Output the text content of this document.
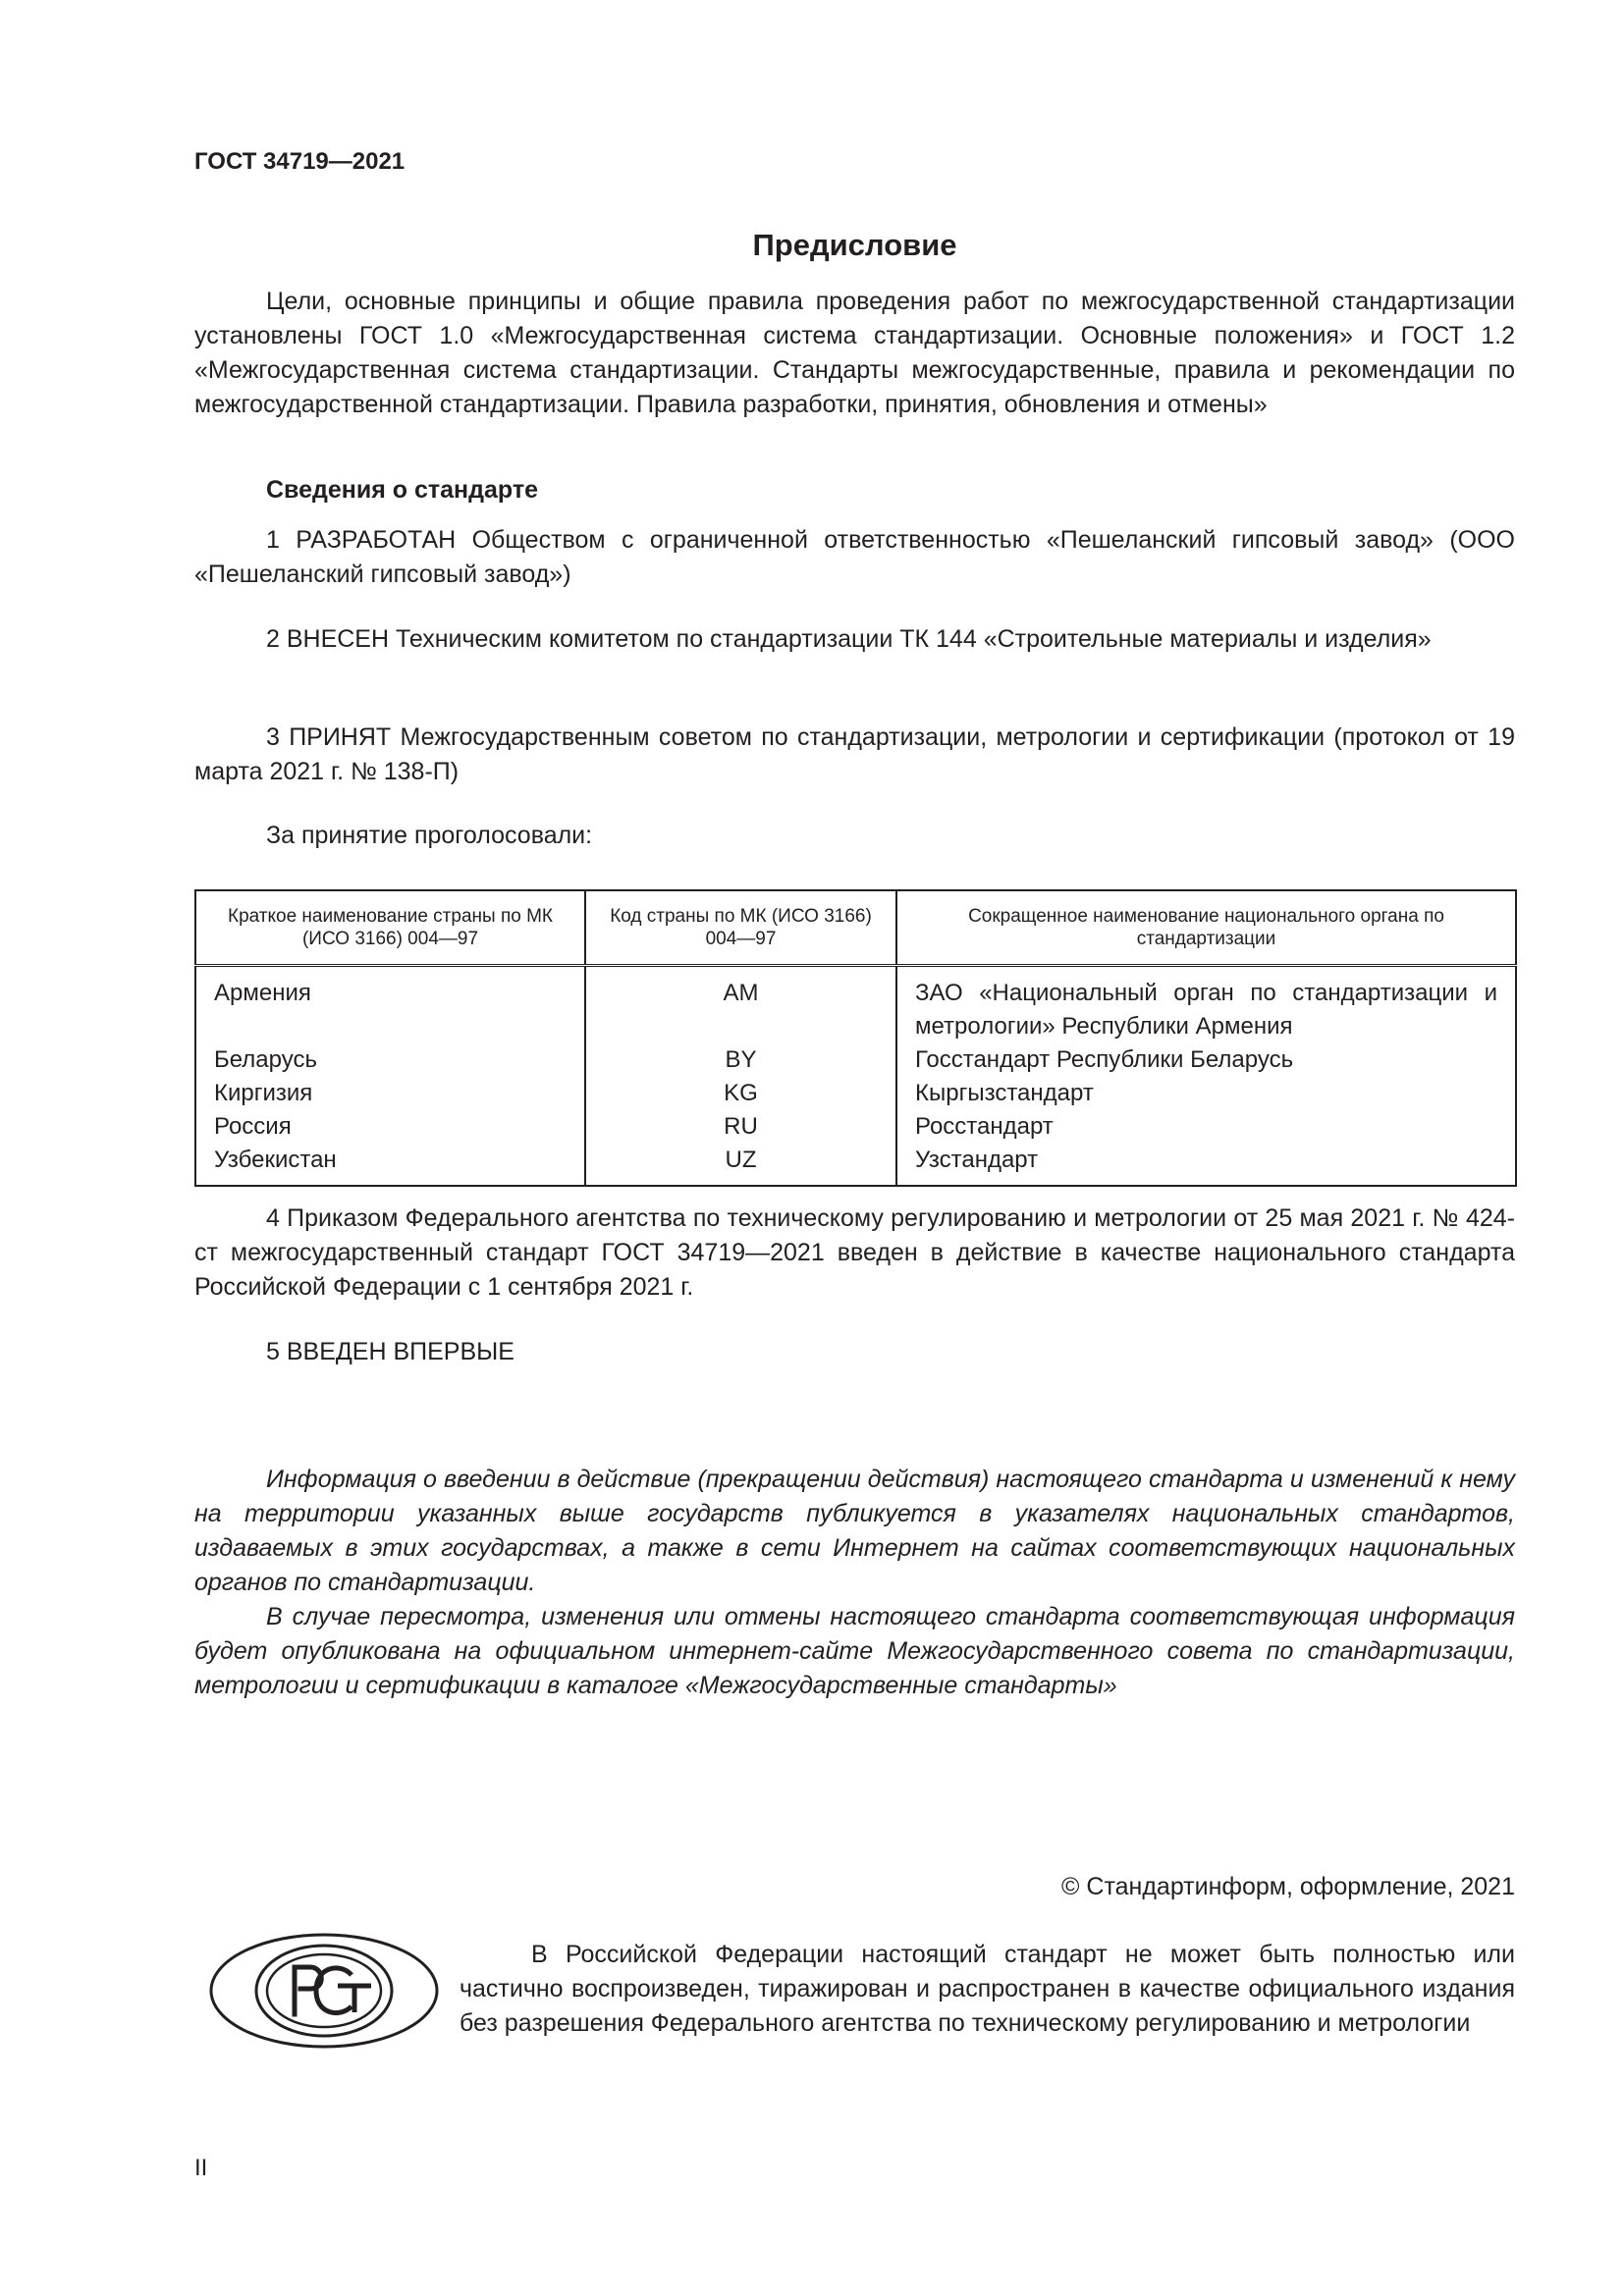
ГОСТ 34719—2021
Предисловие

Цели, основные принципы и общие правила проведения работ по межгосударственной стандартизации установлены ГОСТ 1.0 «Межгосударственная система стандартизации. Основные положения» и ГОСТ 1.2 «Межгосударственная система стандартизации. Стандарты межгосударственные, правила и рекомендации по межгосударственной стандартизации. Правила разработки, принятия, обновления и отмены»

Сведения о стандарте

1 РАЗРАБОТАН Обществом с ограниченной ответственностью «Пешеланский гипсовый завод» (ООО «Пешеланский гипсовый завод»)

2 ВНЕСЕН Техническим комитетом по стандартизации ТК 144 «Строительные материалы и изделия»

3 ПРИНЯТ Межгосударственным советом по стандартизации, метрологии и сертификации (протокол от 19 марта 2021 г. № 138-П)

За принятие проголосовали:
Краткое наименование страны по МК (ИСО 3166) 004—97	Код страны по МК (ИСО 3166) 004—97	Сокращенное наименование национального органа по стандартизации
Армения	AM	ЗАО «Национальный орган по стандартизации и метрологии» Республики Армения
Беларусь	BY	Госстандарт Республики Беларусь
Киргизия	KG	Кыргызстандарт
Россия	RU	Росстандарт
Узбекистан	UZ	Узстандарт

4 Приказом Федерального агентства по техническому регулированию и метрологии от 25 мая 2021 г. № 424-ст межгосударственный стандарт ГОСТ 34719—2021 введен в действие в качестве национального стандарта Российской Федерации с 1 сентября 2021 г.

5 ВВЕДЕН ВПЕРВЫЕ

Информация о введении в действие (прекращении действия) настоящего стандарта и изменений к нему на территории указанных выше государств публикуется в указателях национальных стандартов, издаваемых в этих государствах, а также в сети Интернет на сайтах соответствующих национальных органов по стандартизации.

В случае пересмотра, изменения или отмены настоящего стандарта соответствующая информация будет опубликована на официальном интернет-сайте Межгосударственного совета по стандартизации, метрологии и сертификации в каталоге «Межгосударственные стандарты»

© Стандартинформ, оформление, 2021

В Российской Федерации настоящий стандарт не может быть полностью или частично воспроизведен, тиражирован и распространен в качестве официального издания без разрешения Федерального агентства по техническому регулированию и метрологии

II
